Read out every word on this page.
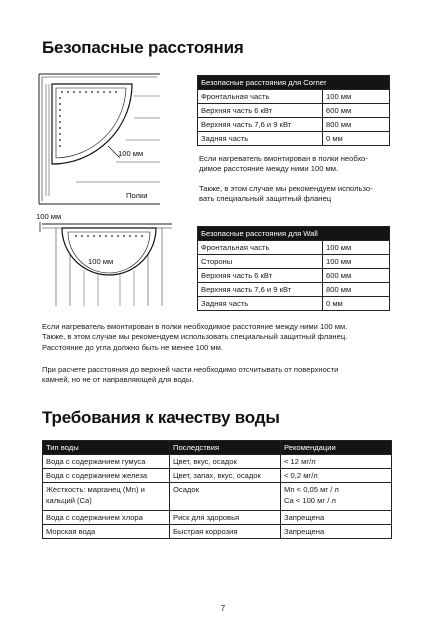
Безопасные расстояния
100 мм
Полки
Безопасные расстояния для Corner	
Фронтальная часть	100 мм
Верхняя часть 6 кВт	600 мм
Верхняя часть 7,6 и 9 кВт	800 мм
Задняя часть	0 мм

Если нагреватель вмонтирован в полки необхо-
димое расстояние между ними 100 мм.

Также, в этом случае мы рекомендуем использо-
вать специальный защитный фланец

100 мм
100 мм
Безопасные расстояния для Wall	
Фронтальная часть	100 мм
Стороны	100 мм
Верхняя часть 6 кВт	600 мм
Верхняя часть 7,6 и 9 кВт	800 мм
Задняя часть	0 мм

Если нагреватель вмонтирован в полки необходимое расстояние между ними 100 мм.
Также, в этом случае мы рекомендуем использовать специальный защитный фланец.
Расстояние до угла должно быть не менее 100 мм.

При расчете расстояния до верхней части необходимо отсчитывать от поверхности
камней, но не от направляющей для воды.

Требования к качеству воды
Тип воды	Последствия	Рекомендации
Вода с содержанием гумуса	Цвет, вкус, осадок	< 12 мг/л
Вода с содержанием железа	Цвет, запах, вкус, осадок	< 0,2 мг/л

Жесткость: марганец (Mn) и
кальций (Ca)	Осадок	Mn < 0,05 мг / л
Ca < 100 мг / л

Вода с содержанием хлора	Риск для здоровья	Запрещена
Морская вода	Быстрая коррозия	Запрещена
7
